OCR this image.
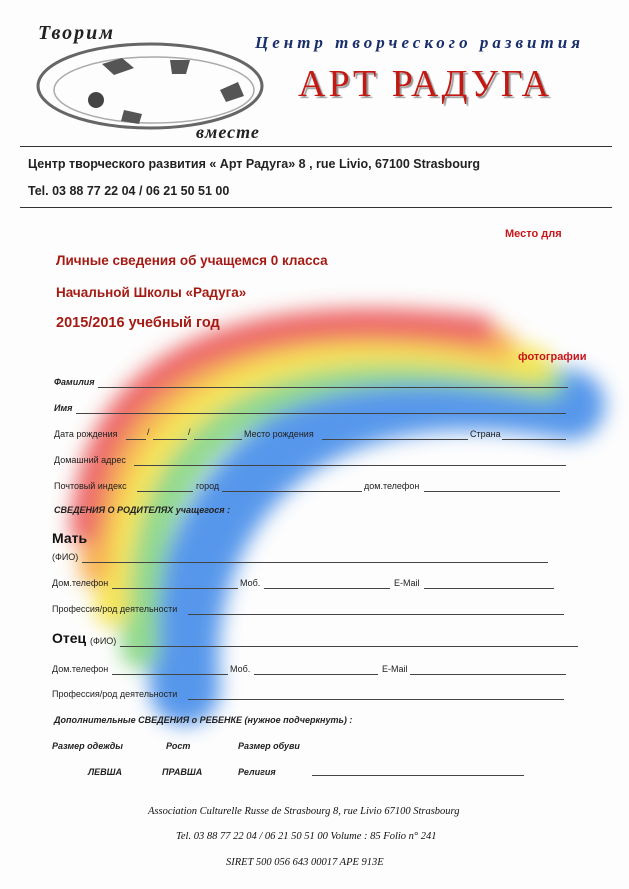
Творим
вместе
Центр творческого развития
АРТ РАДУГА
Центр творческого развития « Арт Радуга» 8 , rue Livio, 67100 Strasbourg
Tel. 03 88 77 22 04 / 06 21 50 51 00
Место для
фотографии
Личные сведения об учащемся 0 класса
Начальной Школы «Радуга»
2015/2016 учебный год
Фамилия
Имя
Дата рождения	/	/	Место рождения	Страна
Домашний адрес
Почтовый индекс	город	дом.телефон
СВЕДЕНИЯ О РОДИТЕЛЯХ учащегося :
Мать
(ФИО)
Дом.телефон	Моб.	E-Mail
Профессия/род деятельности
Отец (ФИО)
Дом.телефон	Моб.	E-Mail
Профессия/род деятельности
Дополнительные СВЕДЕНИЯ о РЕБЕНКЕ (нужное подчеркнуть) :
Размер одежды	Рост	Размер обуви
ЛЕВША	ПРАВША	Религия
Association Culturelle Russe de Strasbourg 8, rue Livio 67100 Strasbourg
Tel. 03 88 77 22 04 / 06 21 50 51 00 Volume : 85 Folio n° 241
SIRET 500 056 643 00017 APE 913E
